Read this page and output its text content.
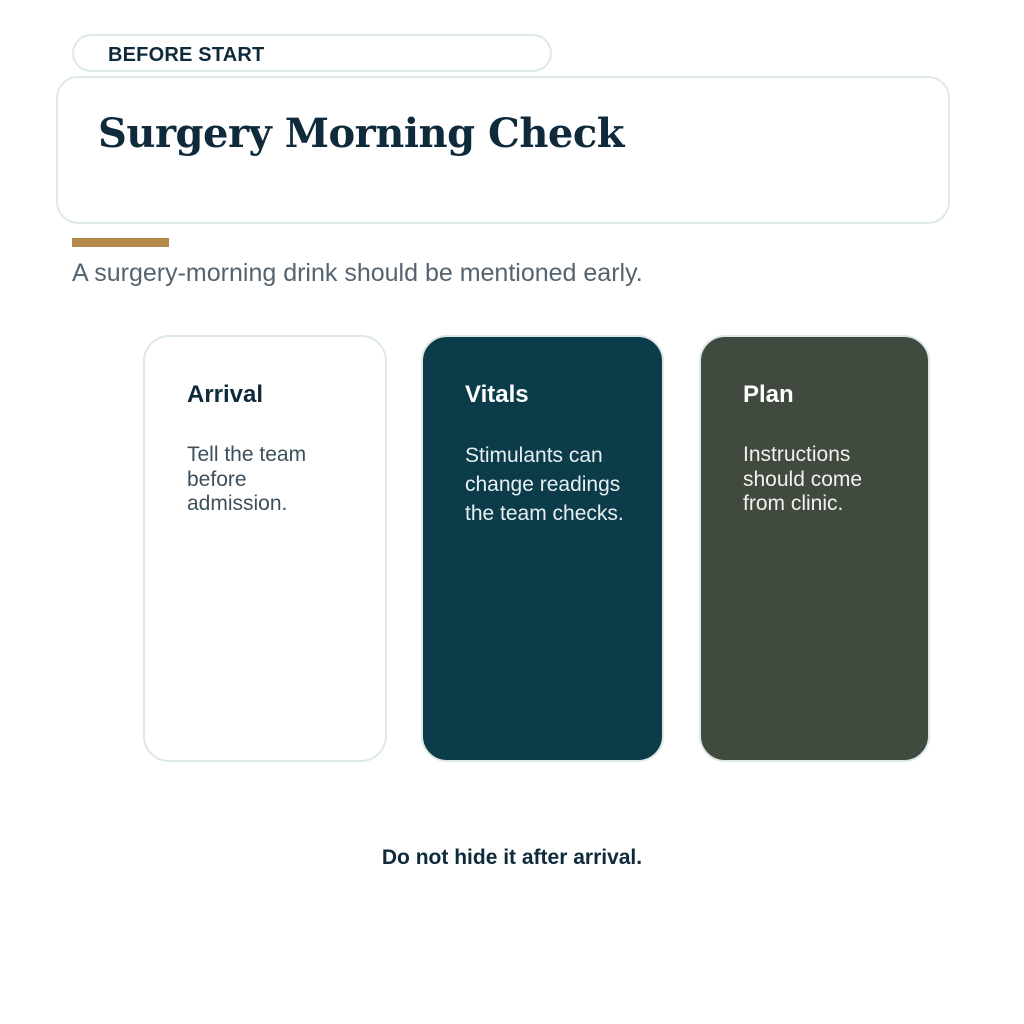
BEFORE START
Surgery Morning Check

A surgery-morning drink should be mentioned early.

Arrival

Tell the team before admission.

Vitals

Stimulants can change readings the team checks.

Plan

Instructions should come from clinic.

Do not hide it after arrival.
